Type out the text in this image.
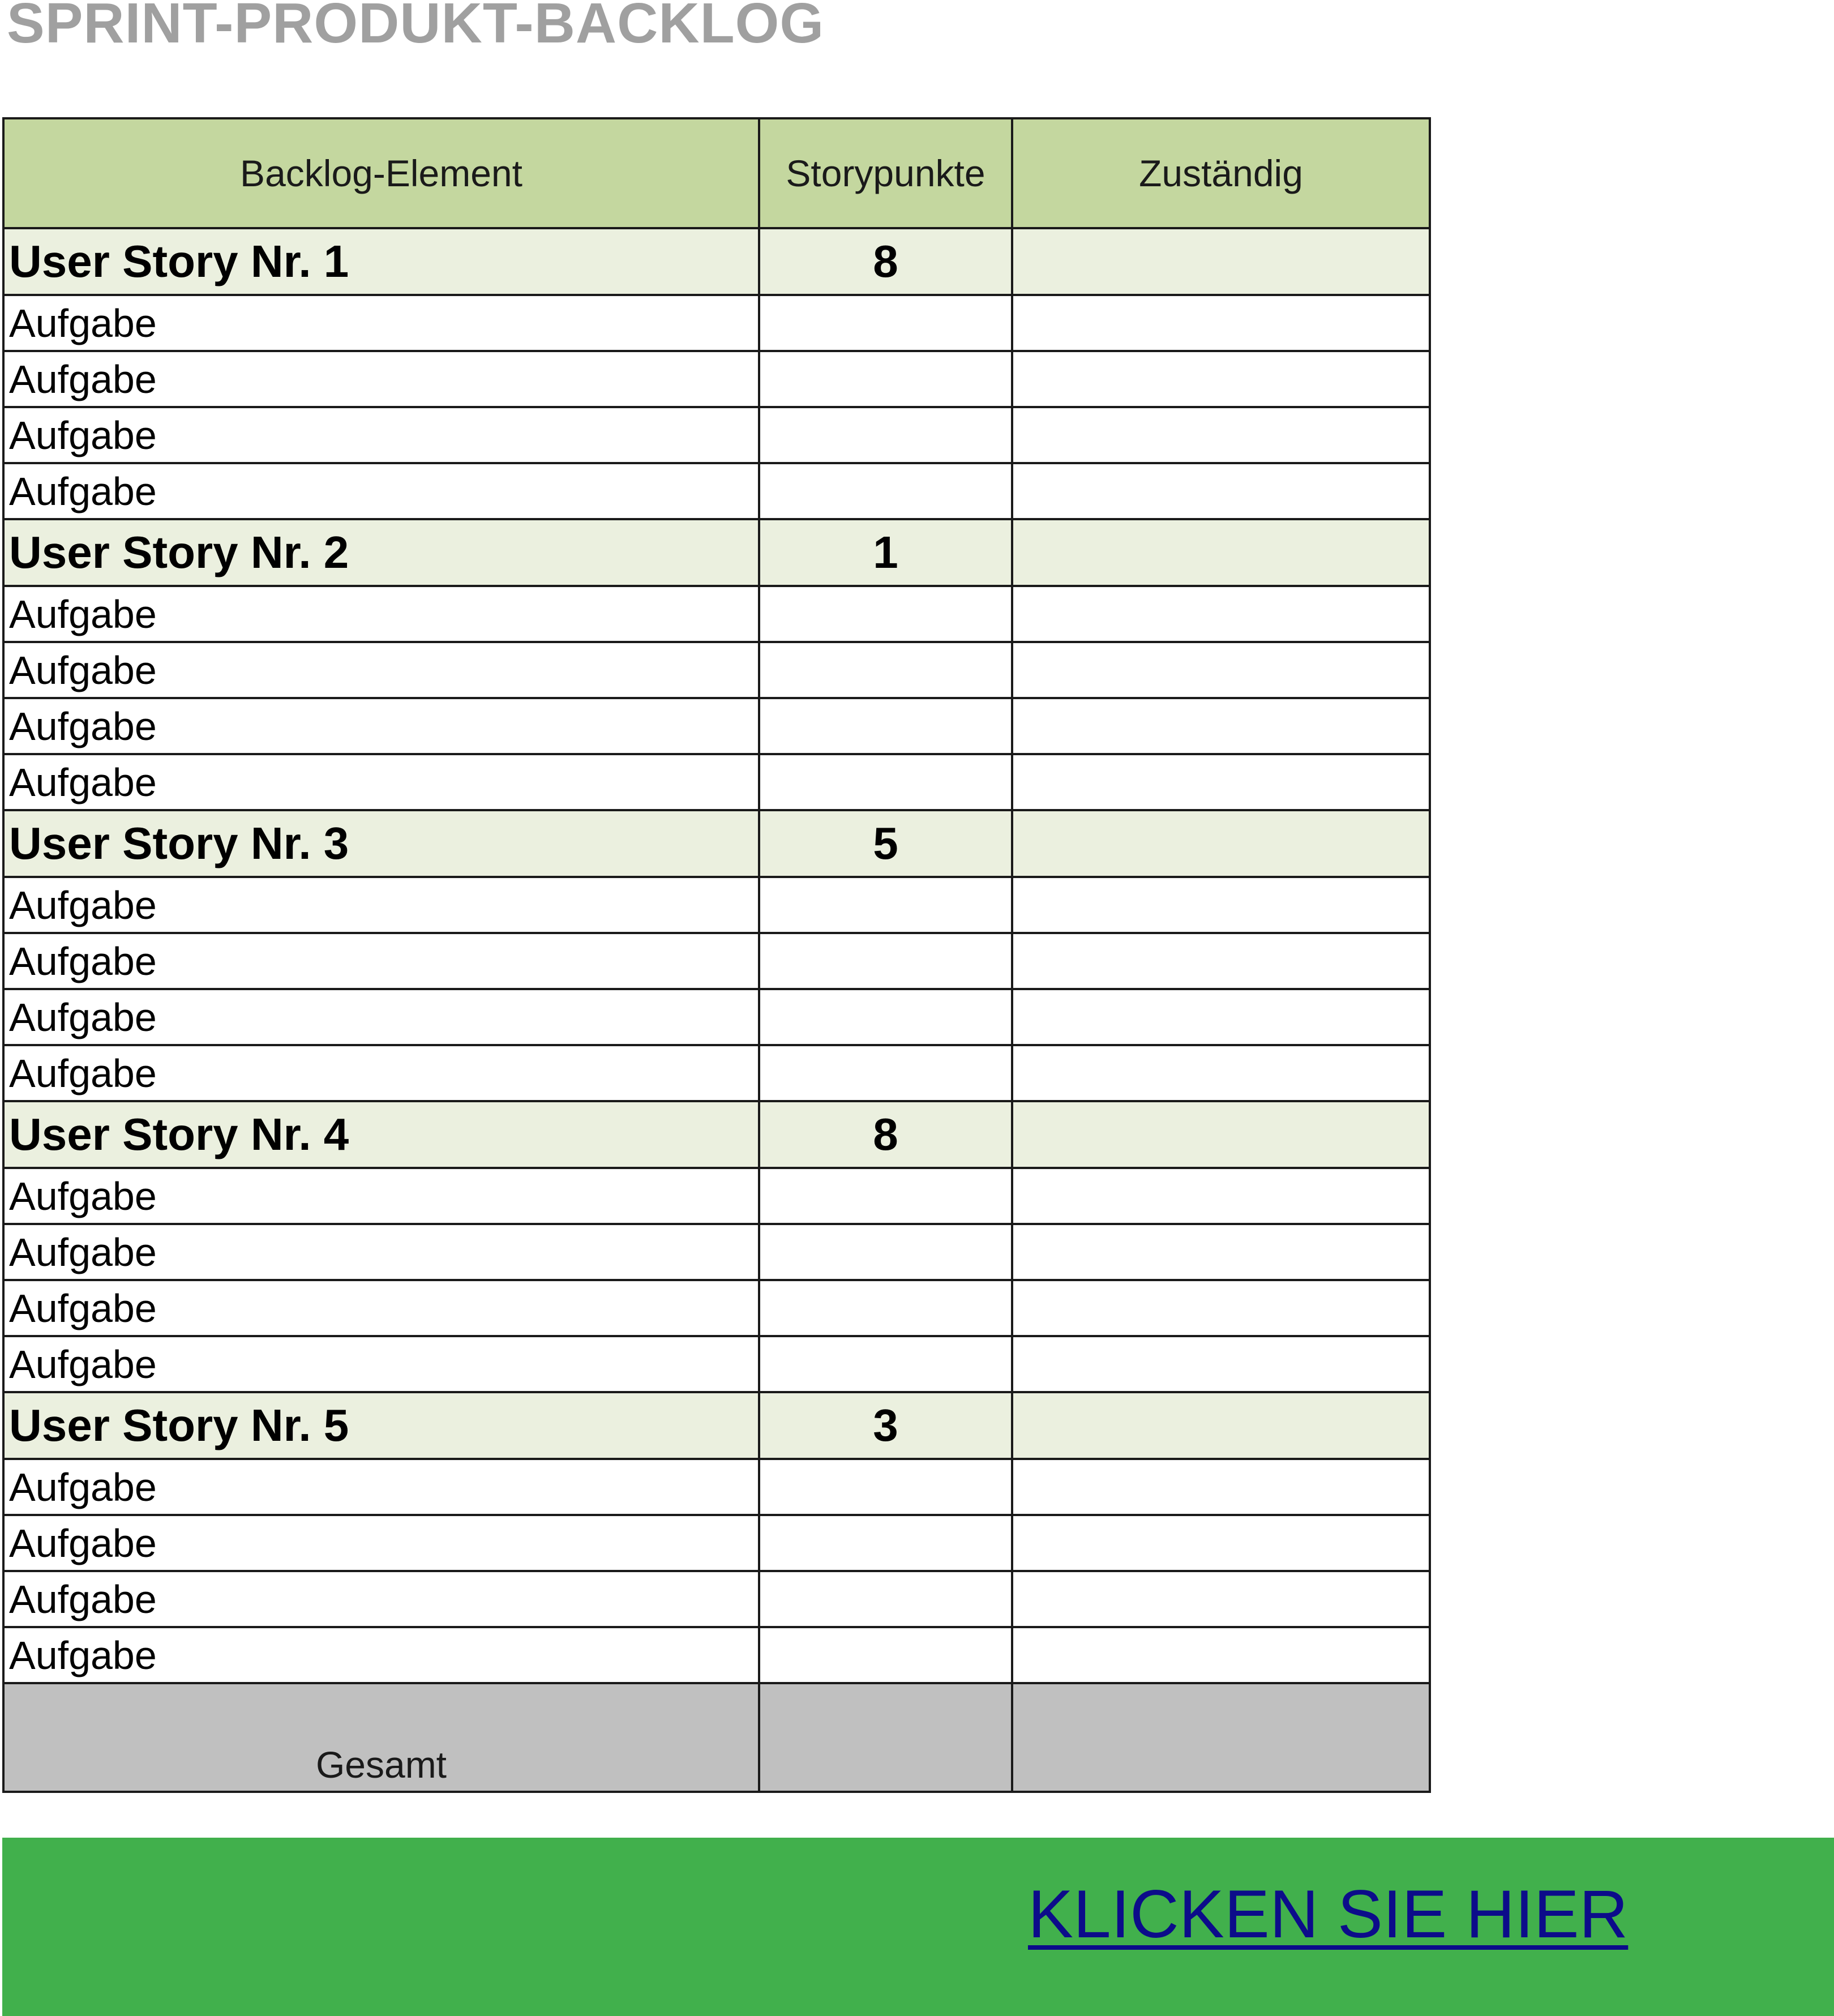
SPRINT-PRODUKT-BACKLOG
Backlog-Element	Storypunkte	Zuständig
User Story Nr. 1	8	
Aufgabe		
Aufgabe		
Aufgabe		
Aufgabe		
User Story Nr. 2	1	
Aufgabe		
Aufgabe		
Aufgabe		
Aufgabe		
User Story Nr. 3	5	
Aufgabe		
Aufgabe		
Aufgabe		
Aufgabe		
User Story Nr. 4	8	
Aufgabe		
Aufgabe		
Aufgabe		
Aufgabe		
User Story Nr. 5	3	
Aufgabe		
Aufgabe		
Aufgabe		
Aufgabe		
Gesamt		
KLICKEN SIE HIER
